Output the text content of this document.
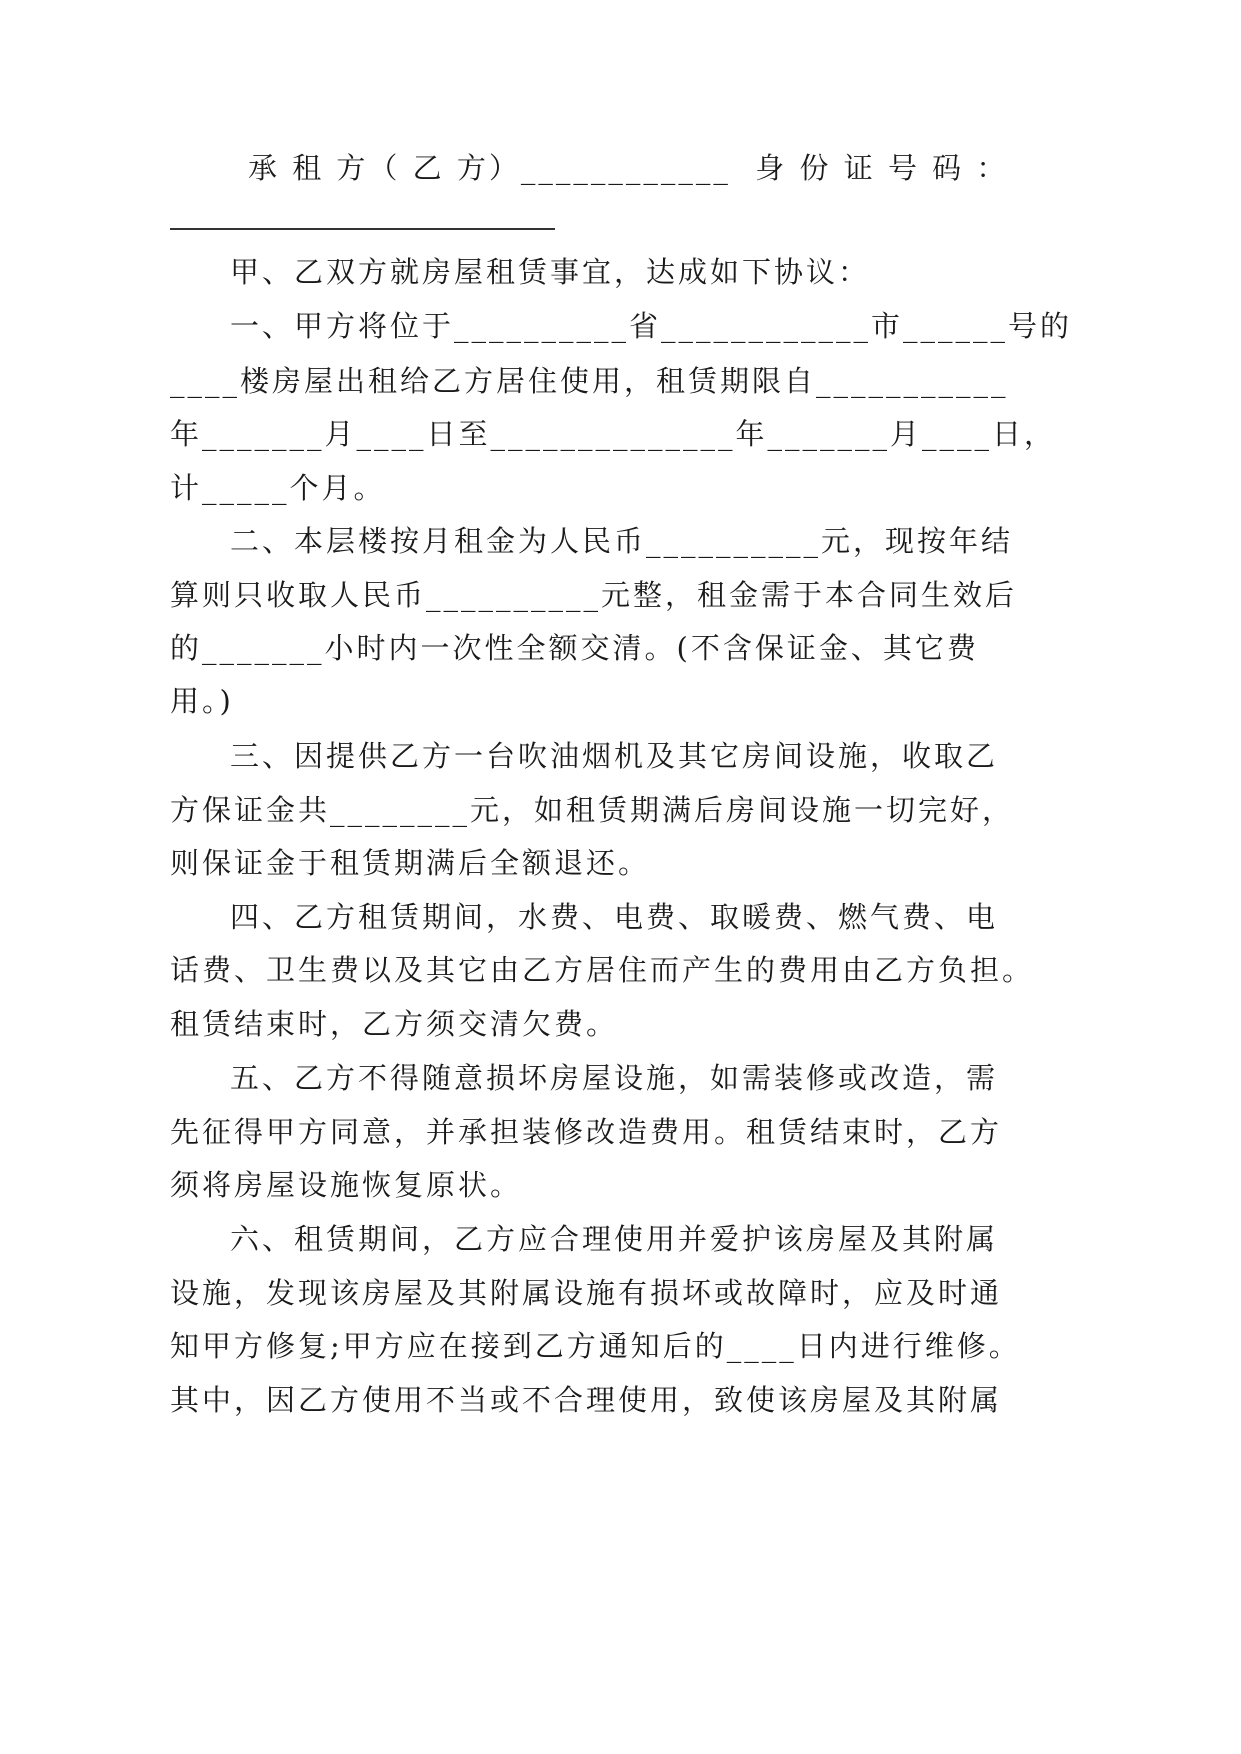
承 租 方（ 乙 方）____________  身 份 证 号 码 ：
甲、乙双方就房屋租赁事宜，达成如下协议：
一、甲方将位于__________省____________市______号的
____楼房屋出租给乙方居住使用，租赁期限自___________
年_______月____日至______________年_______月____日，
计_____个月。
二、本层楼按月租金为人民币__________元，现按年结
算则只收取人民币__________元整，租金需于本合同生效后
的_______小时内一次性全额交清。(不含保证金、其它费
用。)
三、因提供乙方一台吹油烟机及其它房间设施，收取乙
方保证金共________元，如租赁期满后房间设施一切完好，
则保证金于租赁期满后全额退还。
四、乙方租赁期间，水费、电费、取暖费、燃气费、电
话费、卫生费以及其它由乙方居住而产生的费用由乙方负担。
租赁结束时，乙方须交清欠费。
五、乙方不得随意损坏房屋设施，如需装修或改造，需
先征得甲方同意，并承担装修改造费用。租赁结束时，乙方
须将房屋设施恢复原状。
六、租赁期间，乙方应合理使用并爱护该房屋及其附属
设施，发现该房屋及其附属设施有损坏或故障时，应及时通
知甲方修复;甲方应在接到乙方通知后的____日内进行维修。
其中，因乙方使用不当或不合理使用，致使该房屋及其附属
